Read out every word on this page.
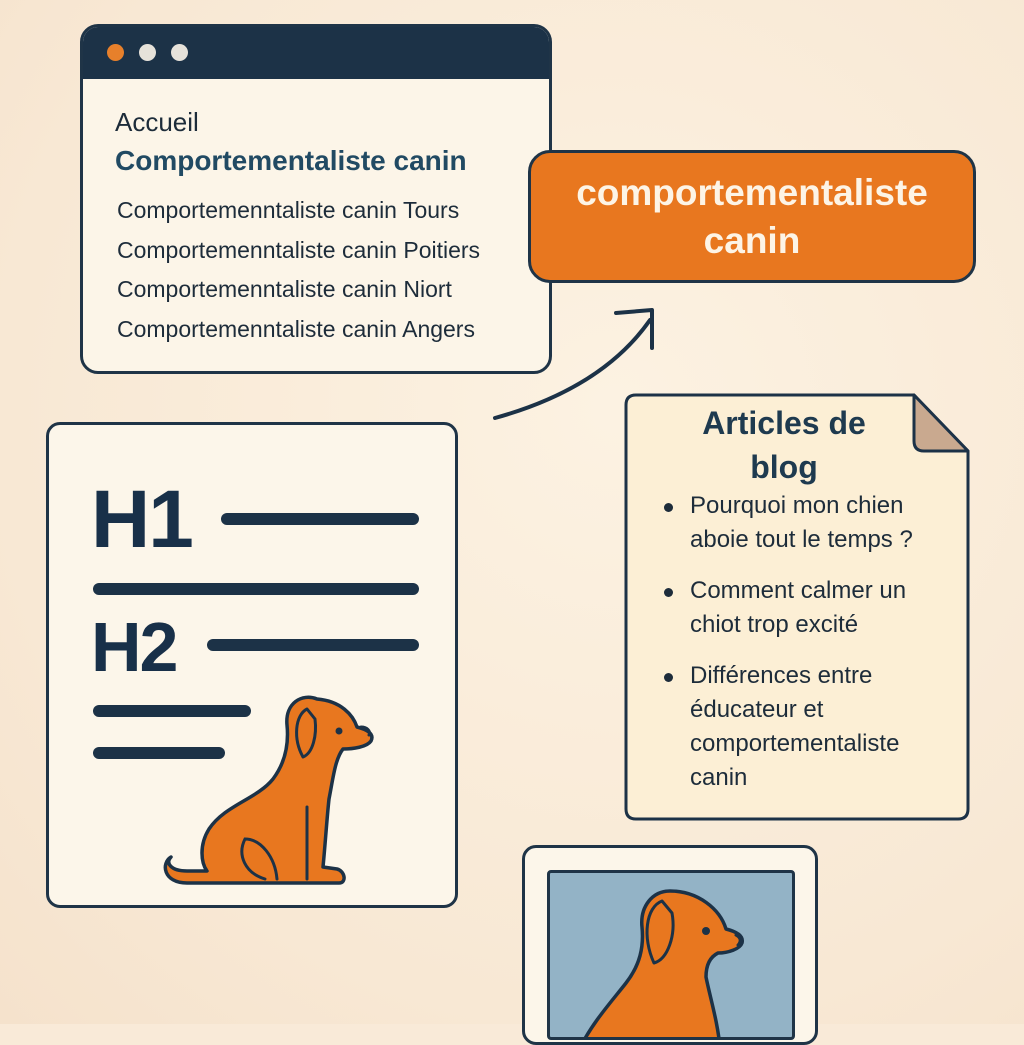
Accueil
Comportementaliste canin
Comportemenntaliste canin Tours
Comportemenntaliste canin Poitiers
Comportemenntaliste canin Niort
Comportemenntaliste canin Angers
comportementaliste
canin
H1
H2
Articles de
blog
Pourquoi mon chien aboie tout le temps ?
Comment calmer un chiot trop excité
Différences entre éducateur et comportementaliste canin
